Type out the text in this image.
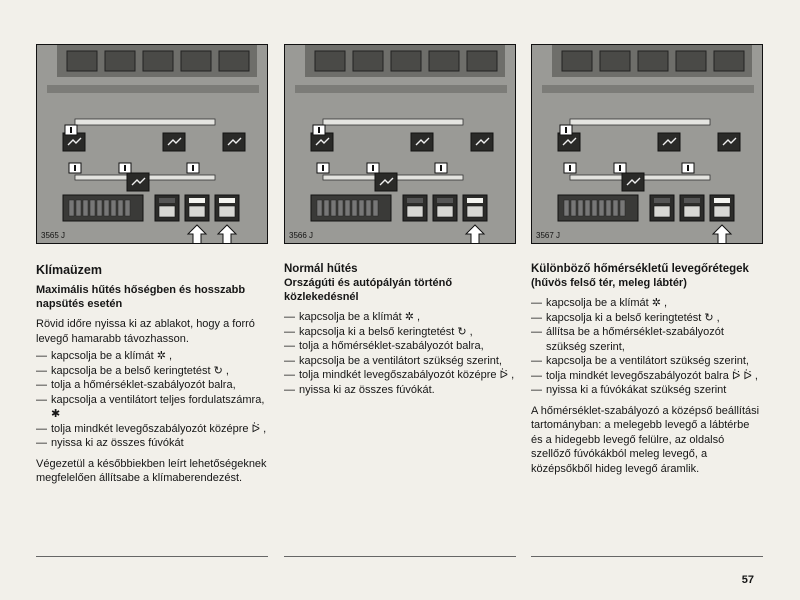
3565 J
Klímaüzem
Maximális hűtés hőségben és hosszabb napsütés esetén
Rövid időre nyissa ki az ablakot, hogy a forró levegő hamarabb távozhasson.
— kapcsolja be a klímát ✲ ,
— kapcsolja be a belső keringtetést ↻ ,
— tolja a hőmérséklet-szabályozót balra,
— kapcsolja a ventilátort teljes fordulatszámra, ✱
— tolja mindkét levegőszabályozót középre ᐖ ,
— nyissa ki az összes fúvókát
Végezetül a későbbiekben leírt lehetőségeknek megfelelően állítsabe a klímaberendezést.
3566 J
Normál hűtés
Országúti és autópályán történő közlekedésnél
— kapcsolja be a klímát ✲ ,
— kapcsolja ki a belső keringtetést ↻ ,
— tolja a hőmérséklet-szabályozót balra,
— kapcsolja be a ventilátort szükség szerint,
— tolja mindkét levegőszabályozót középre ᐖ ,
— nyissa ki az összes fúvókát.
3567 J
Különböző hőmérsékletű levegőrétegek
(hűvös felső tér, meleg lábtér)
— kapcsolja be a klímát ✲ ,
— kapcsolja ki a belső keringtetést ↻ ,
— állítsa be a hőmérséklet-szabályozót szükség szerint,
— kapcsolja be a ventilátort szükség szerint,
— tolja mindkét levegőszabályozót balra ᐖ ᐖ ,
— nyissa ki a fúvókákat szükség szerint
A hőmérséklet-szabályozó a középső beállítási tartományban: a melegebb levegő a lábtérbe és a hidegebb levegő felülre, az oldalsó szellőző fúvókákból meleg levegő, a középsőkből hideg levegő áramlik.
57
